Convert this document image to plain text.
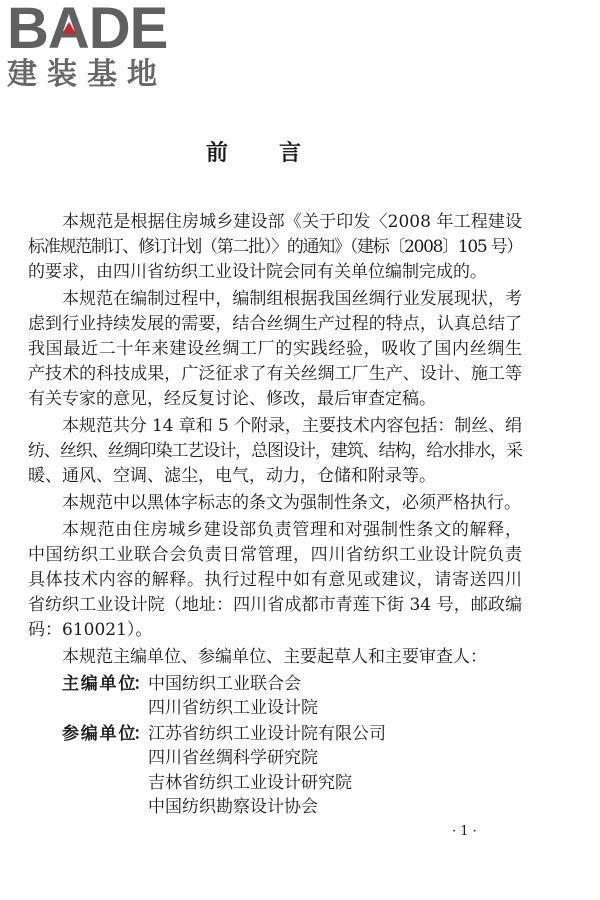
BADE
建装基地
前言
本规范是根据住房城乡建设部《关于印发〈2008 年工程建设
标准规范制订、修订计划（第二批）〉的通知》（建标〔2008〕105 号）
的要求，由四川省纺织工业设计院会同有关单位编制完成的。
本规范在编制过程中，编制组根据我国丝绸行业发展现状，考
虑到行业持续发展的需要，结合丝绸生产过程的特点，认真总结了
我国最近二十年来建设丝绸工厂的实践经验，吸收了国内丝绸生
产技术的科技成果，广泛征求了有关丝绸工厂生产、设计、施工等
有关专家的意见，经反复讨论、修改，最后审查定稿。
本规范共分 14 章和 5 个附录，主要技术内容包括：制丝、绢
纺、丝织、丝绸印染工艺设计，总图设计，建筑、结构，给水排水，采
暖、通风、空调、滤尘，电气，动力，仓储和附录等。
本规范中以黑体字标志的条文为强制性条文，必须严格执行。
本规范由住房城乡建设部负责管理和对强制性条文的解释，
中国纺织工业联合会负责日常管理，四川省纺织工业设计院负责
具体技术内容的解释。执行过程中如有意见或建议，请寄送四川
省纺织工业设计院（地址：四川省成都市青莲下街 34 号，邮政编
码：610021）。
本规范主编单位、参编单位、主要起草人和主要审查人：
主 编 单 位：中国纺织工业联合会
四川省纺织工业设计院
参 编 单 位：江苏省纺织工业设计院有限公司
四川省丝绸科学研究院
吉林省纺织工业设计研究院
中国纺织勘察设计协会
· 1 ·
